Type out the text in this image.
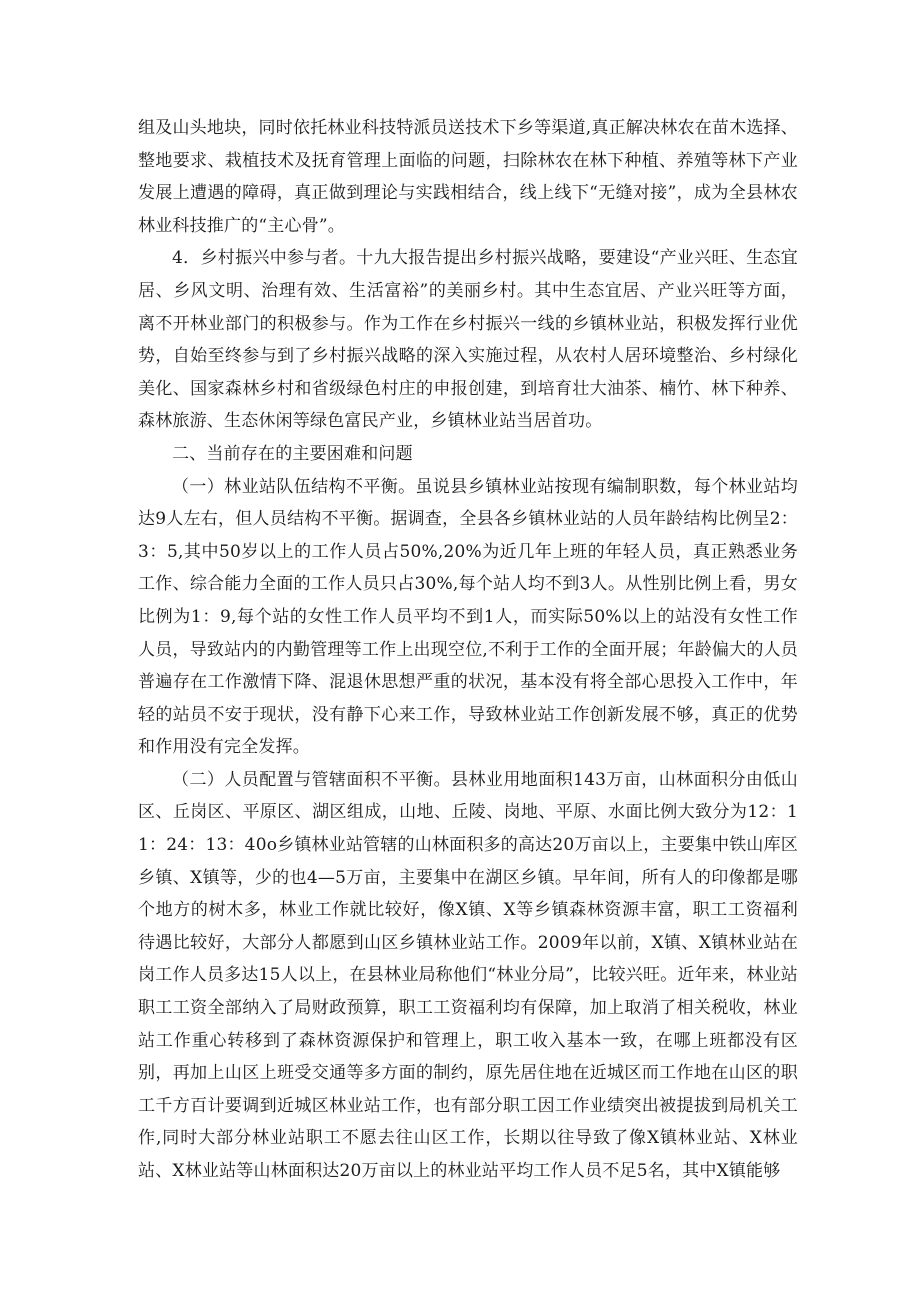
组及山头地块，同时依托林业科技特派员送技术下乡等渠道,真正解决林农在苗木选择、整地要求、栽植技术及抚育管理上面临的问题，扫除林农在林下种植、养殖等林下产业发展上遭遇的障碍，真正做到理论与实践相结合，线上线下“无缝对接”，成为全县林农林业科技推广的“主心骨”。

4．乡村振兴中参与者。十九大报告提出乡村振兴战略，要建设“产业兴旺、生态宜居、乡风文明、治理有效、生活富裕”的美丽乡村。其中生态宜居、产业兴旺等方面，离不开林业部门的积极参与。作为工作在乡村振兴一线的乡镇林业站，积极发挥行业优势，自始至终参与到了乡村振兴战略的深入实施过程，从农村人居环境整治、乡村绿化美化、国家森林乡村和省级绿色村庄的申报创建，到培育壮大油茶、楠竹、林下种养、森林旅游、生态休闲等绿色富民产业，乡镇林业站当居首功。

二、当前存在的主要困难和问题

（一）林业站队伍结构不平衡。虽说县乡镇林业站按现有编制职数，每个林业站均达9人左右，但人员结构不平衡。据调查，全县各乡镇林业站的人员年龄结构比例呈2：3：5,其中50岁以上的工作人员占50%,20%为近几年上班的年轻人员，真正熟悉业务工作、综合能力全面的工作人员只占30%,每个站人均不到3人。从性别比例上看，男女比例为1：9,每个站的女性工作人员平均不到1人，而实际50%以上的站没有女性工作人员，导致站内的内勤管理等工作上出现空位,不利于工作的全面开展；年龄偏大的人员普遍存在工作激情下降、混退休思想严重的状况，基本没有将全部心思投入工作中，年轻的站员不安于现状，没有静下心来工作，导致林业站工作创新发展不够，真正的优势和作用没有完全发挥。

（二）人员配置与管辖面积不平衡。县林业用地面积143万亩，山林面积分由低山区、丘岗区、平原区、湖区组成，山地、丘陵、岗地、平原、水面比例大致分为12：11：24：13：40o乡镇林业站管辖的山林面积多的高达20万亩以上，主要集中铁山库区乡镇、X镇等，少的也4—5万亩，主要集中在湖区乡镇。早年间，所有人的印像都是哪个地方的树木多，林业工作就比较好，像X镇、X等乡镇森林资源丰富，职工工资福利待遇比较好，大部分人都愿到山区乡镇林业站工作。2009年以前，X镇、X镇林业站在岗工作人员多达15人以上，在县林业局称他们“林业分局”，比较兴旺。近年来，林业站职工工资全部纳入了局财政预算，职工工资福利均有保障，加上取消了相关税收，林业站工作重心转移到了森林资源保护和管理上，职工收入基本一致，在哪上班都没有区别，再加上山区上班受交通等多方面的制约，原先居住地在近城区而工作地在山区的职工千方百计要调到近城区林业站工作，也有部分职工因工作业绩突出被提拔到局机关工作,同时大部分林业站职工不愿去往山区工作，长期以往导致了像X镇林业站、X林业站、X林业站等山林面积达20万亩以上的林业站平均工作人员不足5名，其中X镇能够
